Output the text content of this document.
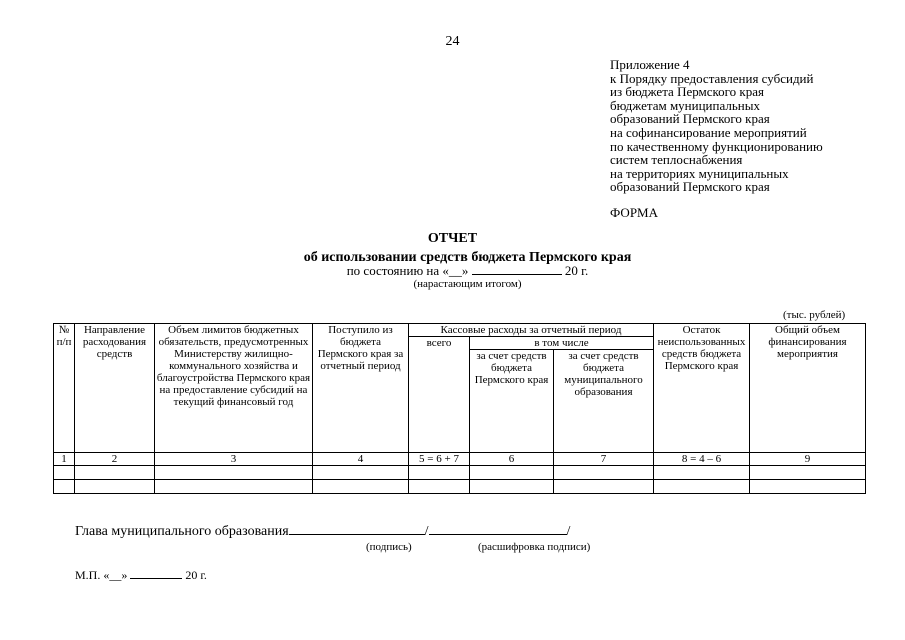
24
Приложение 4
к Порядку предоставления субсидий
из бюджета Пермского края
бюджетам муниципальных
образований Пермского края
на софинансирование мероприятий
по качественному функционированию
систем теплоснабжения
на территориях муниципальных
образований Пермского края
ФОРМА
ОТЧЕТ
об использовании средств бюджета Пермского края
по состоянию на «__»	20 г.
(нарастающим итогом)
(тыс. рублей)
№ п/п	Направление расходования средств	Объем лимитов бюджетных обязательств, предусмотренных Министерству жилищно-коммунального хозяйства и благоустройства Пермского края на предоставление субсидий на текущий финансовый год	Поступило из бюджета Пермского края за отчетный период	Кассовые расходы за отчетный период			Остаток неиспользованных средств бюджета Пермского края	Общий объем финансирования мероприятия
				всего	в том числе			
					за счет средств бюджета Пермского края	за счет средств бюджета муниципального образования		
1	2	3	4	5 = 6 + 7	6	7	8 = 4 – 6	9

Глава муниципального образования	/	/
(подпись)	(расшифровка подписи)
М.П. «__»	20 г.
